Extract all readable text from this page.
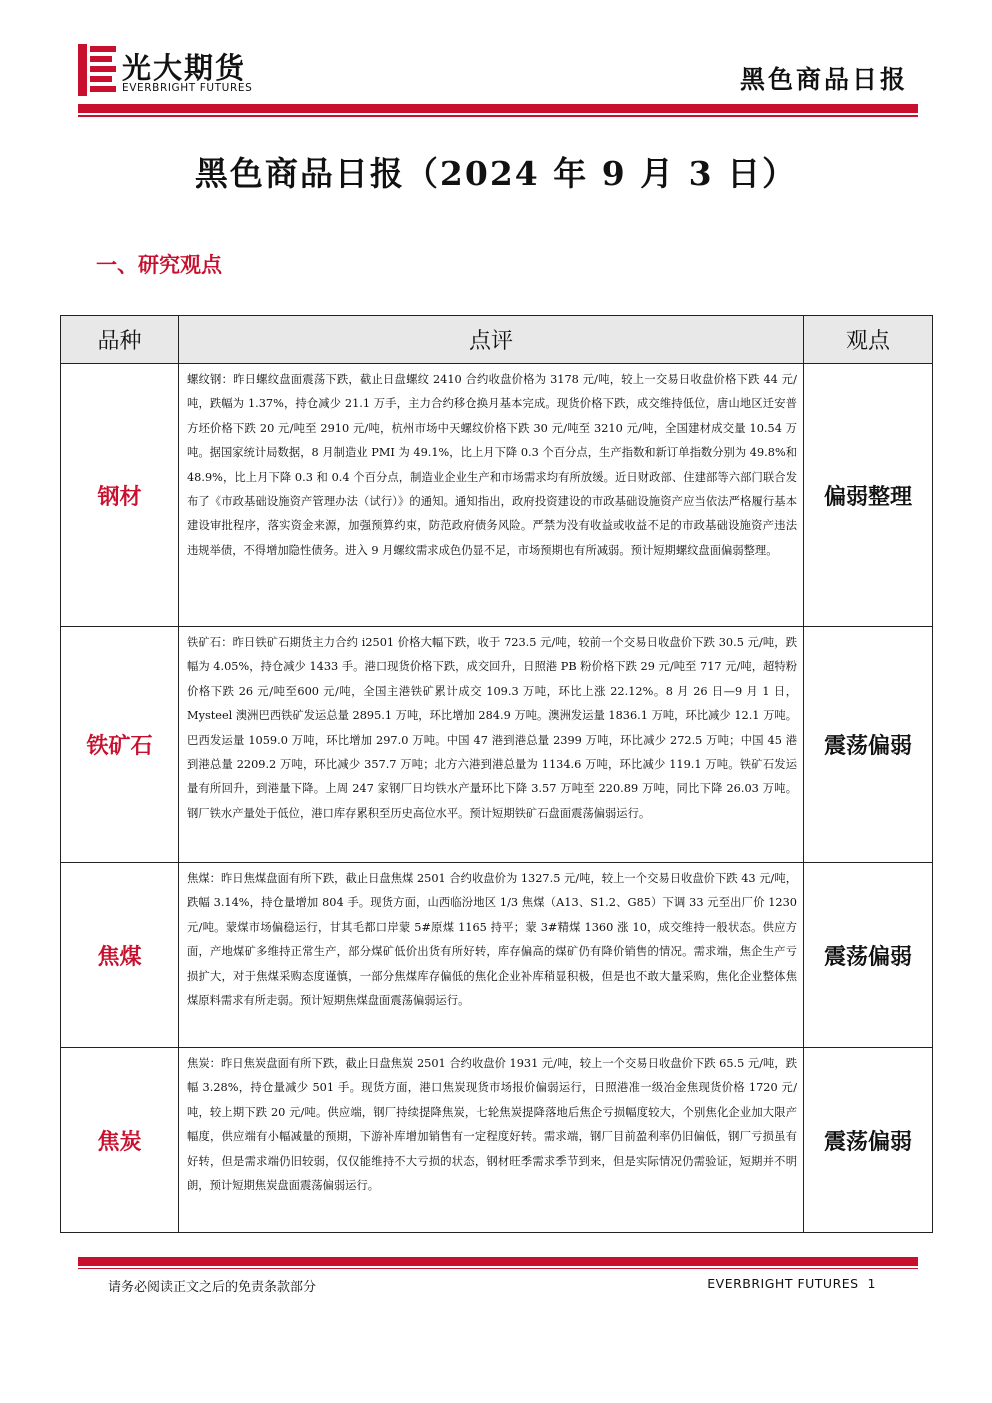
光大期货
EVERBRIGHT FUTURES	黑色商品日报
黑色商品日报（2024 年 9 月 3 日）
一、研究观点
品种	点评	观点
钢材	螺纹钢：昨日螺纹盘面震荡下跌，截止日盘螺纹 2410 合约收盘价格为 3178 元/吨，较上一交易日收盘价格下跌 44 元/吨，跌幅为 1.37%，持仓减少 21.1 万手，主力合约移仓换月基本完成。现货价格下跌，成交维持低位，唐山地区迁安普方坯价格下跌 20 元/吨至 2910 元/吨，杭州市场中天螺纹价格下跌 30 元/吨至 3210 元/吨，全国建材成交量 10.54 万吨。据国家统计局数据，8 月制造业 PMI 为 49.1%，比上月下降 0.3 个百分点，生产指数和新订单指数分别为 49.8%和 48.9%，比上月下降 0.3 和 0.4 个百分点，制造业企业生产和市场需求均有所放缓。近日财政部、住建部等六部门联合发布了《市政基础设施资产管理办法（试行）》的通知。通知指出，政府投资建设的市政基础设施资产应当依法严格履行基本建设审批程序，落实资金来源，加强预算约束，防范政府债务风险。严禁为没有收益或收益不足的市政基础设施资产违法违规举债，不得增加隐性债务。进入 9 月螺纹需求成色仍显不足，市场预期也有所减弱。预计短期螺纹盘面偏弱整理。	偏弱整理
铁矿石	铁矿石：昨日铁矿石期货主力合约 i2501 价格大幅下跌，收于 723.5 元/吨，较前一个交易日收盘价下跌 30.5 元/吨，跌幅为 4.05%，持仓减少 1433 手。港口现货价格下跌，成交回升，日照港 PB 粉价格下跌 29 元/吨至 717 元/吨，超特粉价格下跌 26 元/吨至600 元/吨，全国主港铁矿累计成交 109.3 万吨，环比上涨 22.12%。8 月 26 日—9 月 1 日，Mysteel 澳洲巴西铁矿发运总量 2895.1 万吨，环比增加 284.9 万吨。澳洲发运量 1836.1 万吨，环比减少 12.1 万吨。巴西发运量 1059.0 万吨，环比增加 297.0 万吨。中国 47 港到港总量 2399 万吨，环比减少 272.5 万吨；中国 45 港到港总量 2209.2 万吨，环比减少 357.7 万吨；北方六港到港总量为 1134.6 万吨，环比减少 119.1 万吨。铁矿石发运量有所回升，到港量下降。上周 247 家钢厂日均铁水产量环比下降 3.57 万吨至 220.89 万吨，同比下降 26.03 万吨。钢厂铁水产量处于低位，港口库存累积至历史高位水平。预计短期铁矿石盘面震荡偏弱运行。	震荡偏弱
焦煤	焦煤：昨日焦煤盘面有所下跌，截止日盘焦煤 2501 合约收盘价为 1327.5 元/吨，较上一个交易日收盘价下跌 43 元/吨，跌幅 3.14%，持仓量增加 804 手。现货方面，山西临汾地区 1/3 焦煤（A13、S1.2、G85）下调 33 元至出厂价 1230 元/吨。蒙煤市场偏稳运行，甘其毛都口岸蒙 5#原煤 1165 持平；蒙 3#精煤 1360 涨 10，成交维持一般状态。供应方面，产地煤矿多维持正常生产，部分煤矿低价出货有所好转，库存偏高的煤矿仍有降价销售的情况。需求端，焦企生产亏损扩大，对于焦煤采购态度谨慎，一部分焦煤库存偏低的焦化企业补库稍显积极，但是也不敢大量采购，焦化企业整体焦煤原料需求有所走弱。预计短期焦煤盘面震荡偏弱运行。	震荡偏弱
焦炭	焦炭：昨日焦炭盘面有所下跌，截止日盘焦炭 2501 合约收盘价 1931 元/吨，较上一个交易日收盘价下跌 65.5 元/吨，跌幅 3.28%，持仓量减少 501 手。现货方面，港口焦炭现货市场报价偏弱运行，日照港准一级冶金焦现货价格 1720 元/吨，较上期下跌 20 元/吨。供应端，钢厂持续提降焦炭，七轮焦炭提降落地后焦企亏损幅度较大，个别焦化企业加大限产幅度，供应端有小幅减量的预期，下游补库增加销售有一定程度好转。需求端，钢厂目前盈利率仍旧偏低，钢厂亏损虽有好转，但是需求端仍旧较弱，仅仅能维持不大亏损的状态，钢材旺季需求季节到来，但是实际情况仍需验证，短期并不明朗，预计短期焦炭盘面震荡偏弱运行。	震荡偏弱
请务必阅读正文之后的免责条款部分	EVERBRIGHT FUTURES 1
